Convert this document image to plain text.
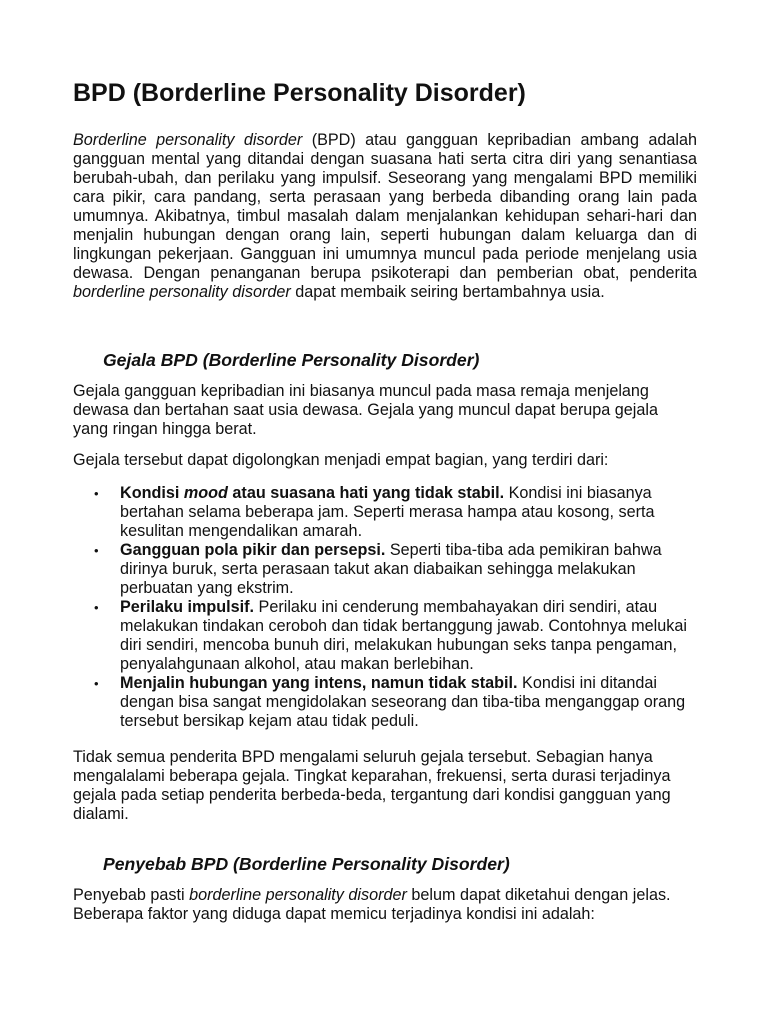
BPD (Borderline Personality Disorder)

Borderline personality disorder (BPD) atau gangguan kepribadian ambang adalah gangguan mental yang ditandai dengan suasana hati serta citra diri yang senantiasa berubah-ubah, dan perilaku yang impulsif. Seseorang yang mengalami BPD memiliki cara pikir, cara pandang, serta perasaan yang berbeda dibanding orang lain pada umumnya. Akibatnya, timbul masalah dalam menjalankan kehidupan sehari-hari dan menjalin hubungan dengan orang lain, seperti hubungan dalam keluarga dan di lingkungan pekerjaan. Gangguan ini umumnya muncul pada periode menjelang usia dewasa. Dengan penanganan berupa psikoterapi dan pemberian obat, penderita borderline personality disorder dapat membaik seiring bertambahnya usia.

Gejala BPD (Borderline Personality Disorder)

Gejala gangguan kepribadian ini biasanya muncul pada masa remaja menjelang dewasa dan bertahan saat usia dewasa. Gejala yang muncul dapat berupa gejala yang ringan hingga berat.

Gejala tersebut dapat digolongkan menjadi empat bagian, yang terdiri dari:

• Kondisi mood atau suasana hati yang tidak stabil. Kondisi ini biasanya bertahan selama beberapa jam. Seperti merasa hampa atau kosong, serta kesulitan mengendalikan amarah.
• Gangguan pola pikir dan persepsi. Seperti tiba-tiba ada pemikiran bahwa dirinya buruk, serta perasaan takut akan diabaikan sehingga melakukan perbuatan yang ekstrim.
• Perilaku impulsif. Perilaku ini cenderung membahayakan diri sendiri, atau melakukan tindakan ceroboh dan tidak bertanggung jawab. Contohnya melukai diri sendiri, mencoba bunuh diri, melakukan hubungan seks tanpa pengaman, penyalahgunaan alkohol, atau makan berlebihan.
• Menjalin hubungan yang intens, namun tidak stabil. Kondisi ini ditandai dengan bisa sangat mengidolakan seseorang dan tiba-tiba menganggap orang tersebut bersikap kejam atau tidak peduli.

Tidak semua penderita BPD mengalami seluruh gejala tersebut. Sebagian hanya mengalalami beberapa gejala. Tingkat keparahan, frekuensi, serta durasi terjadinya gejala pada setiap penderita berbeda-beda, tergantung dari kondisi gangguan yang dialami.

Penyebab BPD (Borderline Personality Disorder)

Penyebab pasti borderline personality disorder belum dapat diketahui dengan jelas. Beberapa faktor yang diduga dapat memicu terjadinya kondisi ini adalah:
